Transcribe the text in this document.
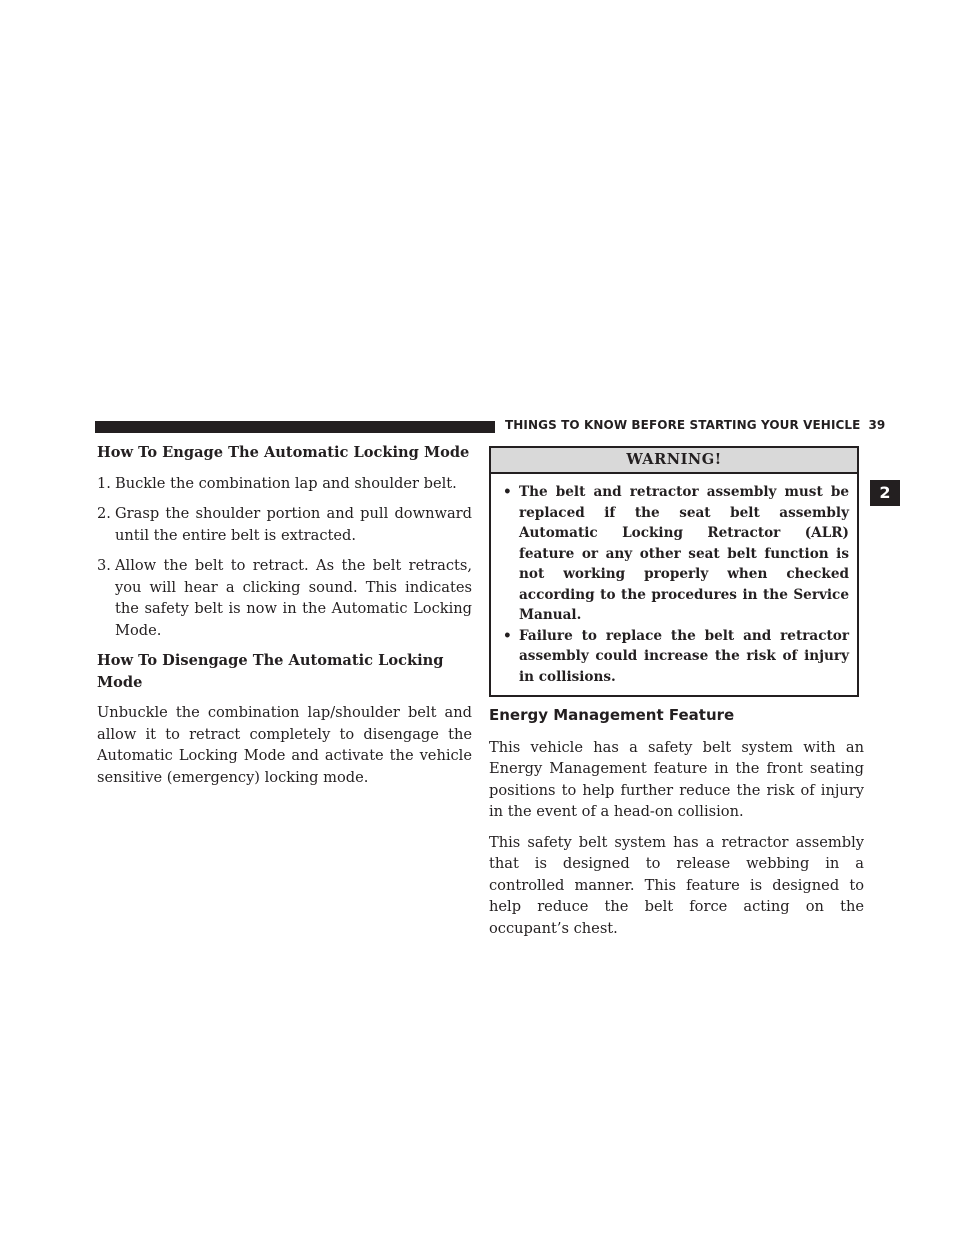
THINGS TO KNOW BEFORE STARTING YOUR VEHICLE 39
2
How To Engage The Automatic Locking Mode
1. Buckle the combination lap and shoulder belt.
2. Grasp the shoulder portion and pull downward until the entire belt is extracted.
3. Allow the belt to retract. As the belt retracts, you will hear a clicking sound. This indicates the safety belt is now in the Automatic Locking Mode.
How To Disengage The Automatic Locking Mode

Unbuckle the combination lap/shoulder belt and allow it to retract completely to disengage the Automatic Locking Mode and activate the vehicle sensitive (emergency) locking mode.

WARNING!
• The belt and retractor assembly must be replaced if the seat belt assembly Automatic Locking Retractor (ALR) feature or any other seat belt function is not working properly when checked according to the procedures in the Service Manual.
• Failure to replace the belt and retractor assembly could increase the risk of injury in collisions.
Energy Management Feature

This vehicle has a safety belt system with an Energy Management feature in the front seating positions to help further reduce the risk of injury in the event of a head-on collision.

This safety belt system has a retractor assembly that is designed to release webbing in a controlled manner. This feature is designed to help reduce the belt force acting on the occupant’s chest.
